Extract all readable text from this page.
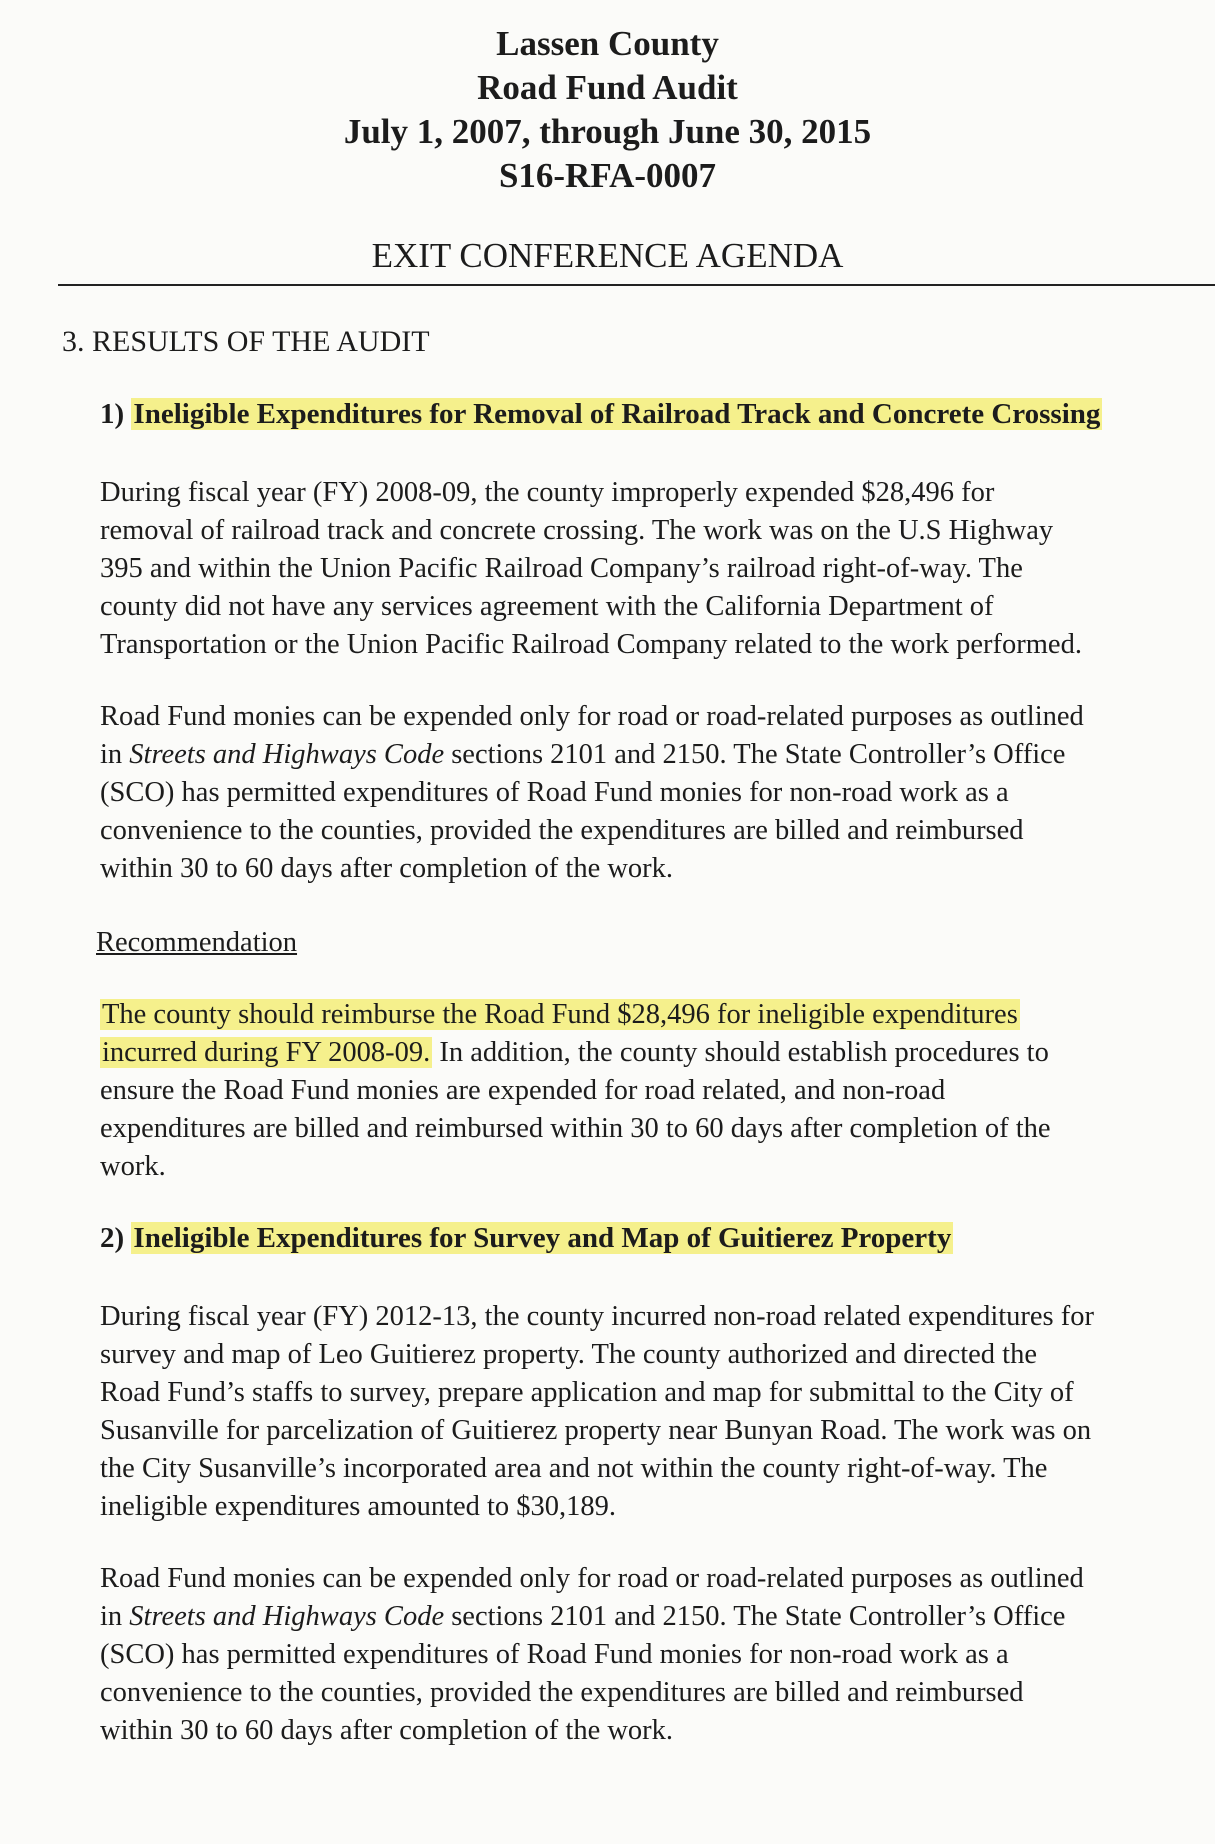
Lassen County

Road Fund Audit

July 1, 2007, through June 30, 2015

S16-RFA-0007

EXIT CONFERENCE AGENDA

3. RESULTS OF THE AUDIT

1) Ineligible Expenditures for Removal of Railroad Track and Concrete Crossing

During fiscal year (FY) 2008-09, the county improperly expended $28,496 for
removal of railroad track and concrete crossing. The work was on the U.S Highway
395 and within the Union Pacific Railroad Company’s railroad right-of-way. The
county did not have any services agreement with the California Department of
Transportation or the Union Pacific Railroad Company related to the work performed.

Road Fund monies can be expended only for road or road-related purposes as outlined
in Streets and Highways Code sections 2101 and 2150. The State Controller’s Office
(SCO) has permitted expenditures of Road Fund monies for non-road work as a
convenience to the counties, provided the expenditures are billed and reimbursed
within 30 to 60 days after completion of the work.

Recommendation

The county should reimburse the Road Fund $28,496 for ineligible expenditures
incurred during FY 2008-09. In addition, the county should establish procedures to
ensure the Road Fund monies are expended for road related, and non-road
expenditures are billed and reimbursed within 30 to 60 days after completion of the
work.

2) Ineligible Expenditures for Survey and Map of Guitierez Property

During fiscal year (FY) 2012-13, the county incurred non-road related expenditures for
survey and map of Leo Guitierez property. The county authorized and directed the
Road Fund’s staffs to survey, prepare application and map for submittal to the City of
Susanville for parcelization of Guitierez property near Bunyan Road. The work was on
the City Susanville’s incorporated area and not within the county right-of-way. The
ineligible expenditures amounted to $30,189.

Road Fund monies can be expended only for road or road-related purposes as outlined
in Streets and Highways Code sections 2101 and 2150. The State Controller’s Office
(SCO) has permitted expenditures of Road Fund monies for non-road work as a
convenience to the counties, provided the expenditures are billed and reimbursed
within 30 to 60 days after completion of the work.
